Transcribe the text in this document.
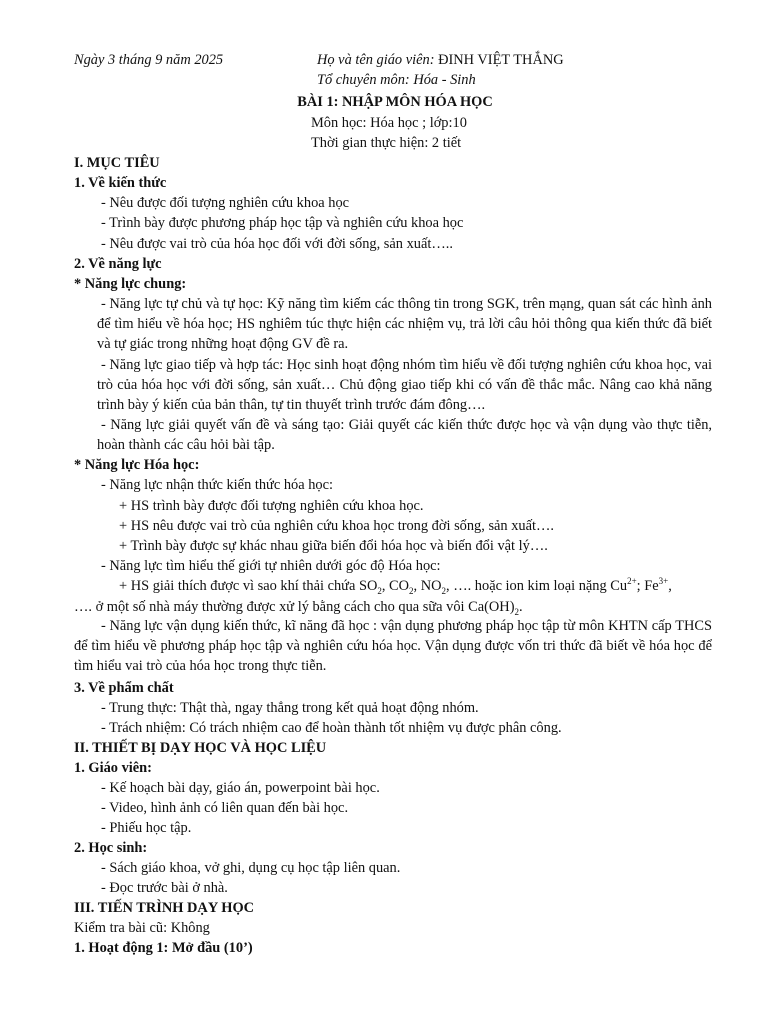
Ngày 3 tháng 9 năm 2025	Họ và tên giáo viên: ĐINH VIỆT THẮNG
Tổ chuyên môn: Hóa - Sinh
BÀI 1: NHẬP MÔN HÓA HỌC
Môn học: Hóa học ; lớp:10
Thời gian thực hiện: 2 tiết
I. MỤC TIÊU
1. Về kiến thức
- Nêu được đối tượng nghiên cứu khoa học
- Trình bày được phương pháp học tập và nghiên cứu khoa học
- Nêu được vai trò của hóa học đối với đời sống, sản xuất…..
2. Về năng lực
* Năng lực chung:
- Năng lực tự chủ và tự học: Kỹ năng tìm kiếm các thông tin trong SGK, trên mạng, quan sát các hình ảnh để tìm hiểu về hóa học; HS nghiêm túc thực hiện các nhiệm vụ, trả lời câu hỏi thông qua kiến thức đã biết và tự giác trong những hoạt động GV đề ra.
- Năng lực giao tiếp và hợp tác: Học sinh hoạt động nhóm tìm hiểu về đối tượng nghiên cứu khoa học, vai trò của hóa học với đời sống, sản xuất… Chủ động giao tiếp khi có vấn đề thắc mắc. Nâng cao khả năng trình bày ý kiến của bản thân, tự tin thuyết trình trước đám đông….
- Năng lực giải quyết vấn đề và sáng tạo: Giải quyết các kiến thức được học và vận dụng vào thực tiễn, hoàn thành các câu hỏi bài tập.
* Năng lực Hóa học:
- Năng lực nhận thức kiến thức hóa học:
+ HS trình bày được đối tượng nghiên cứu khoa học.
+ HS nêu được vai trò của nghiên cứu khoa học trong đời sống, sản xuất….
+ Trình bày được sự khác nhau giữa biến đổi hóa học và biến đổi vật lý….
- Năng lực tìm hiểu thế giới tự nhiên dưới góc độ Hóa học:
+ HS giải thích được vì sao khí thải chứa $SO_2$, $CO_2$, $NO_2$, …. hoặc ion kim loại nặng $Cu^{2+}$; $Fe^{3+}$,
…. ở một số nhà máy thường được xử lý bằng cách cho qua sữa vôi $Ca(OH)_2$.
- Năng lực vận dụng kiến thức, kĩ năng đã học : vận dụng phương pháp học tập từ môn KHTN cấp THCS để tìm hiểu về phương pháp học tập và nghiên cứu hóa học. Vận dụng được vốn tri thức đã biết về hóa học để tìm hiểu vai trò của hóa học trong thực tiễn.
3. Về phẩm chất
- Trung thực: Thật thà, ngay thẳng trong kết quả hoạt động nhóm.
- Trách nhiệm: Có trách nhiệm cao để hoàn thành tốt nhiệm vụ được phân công.
II. THIẾT BỊ DẠY HỌC VÀ HỌC LIỆU
1. Giáo viên:
- Kế hoạch bài dạy, giáo án, powerpoint bài học.
- Video, hình ảnh có liên quan đến bài học.
- Phiếu học tập.
2. Học sinh:
- Sách giáo khoa, vở ghi, dụng cụ học tập liên quan.
- Đọc trước bài ở nhà.
III. TIẾN TRÌNH DẠY HỌC
Kiểm tra bài cũ: Không
1. Hoạt động 1: Mở đầu (10’)
